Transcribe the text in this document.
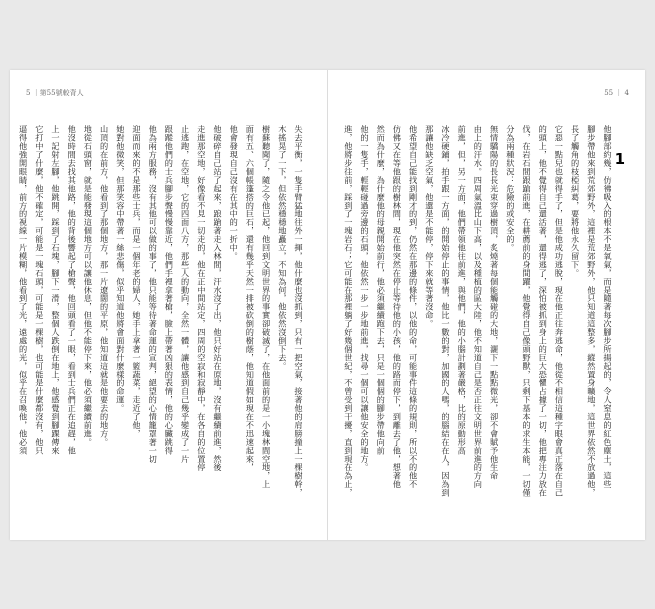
5 ｜第55號較背人	55 ｜ 4
1
他腳部約幾，仿彿吸入的根本不是氧氣，而是隨著每次腳步所揚起的，令人窒息的紅色塵土，這些
腳步帶他來到荒郊野外，這裡是荒郊野外，他只知道這整多，縱然置身曠地，這世界依然不放過他，
長了觸角的枝椏糾葛，要將他永久留下。
它惡一點兒也就得手了，但是他成功逃脫，現在他正往奔逃命，他從不相信這種字眼會真正落在自己
的頭上，他不覺得自己還活著，還得逃了，深怕被抓到身上的巨大恐懼占據了一切，他把專注力放在
伐，在岩石間跟蹌前進，在耕薦前的身間躍，他覺得自己像頭野獸，只剩下基本的求生本能，一切僅
分為兩種狀況：危險的或安全的。
無情驕陽的長長光束穿過樹頂，炙燒著每個能觸碰的大地，灑下一點點微光，卻不會賦予他生命
由上的汗水。四周氣溫比山下高，以及種植的區大陸，他不知道自己是否正往文明世界前進的方向
前進，但，另一方面，他們帶領他往前進，與他們，他的小腦計劃著嚴格，比的原動形高
冰冷硬鋪，拍手跟一方面，的開始停止的事情，他比一數的對，加國的人嗎，的腦結在在人，因為到
那讓他缺乏空氣，他還是不能停，停下來就等著沒命。
他希望自己能找到剛才的到，仍然在那邊的條件，以他的命，可能事件這條的規則，所以不的他不
仿佛又在等他跟的樹林間，現在他突然在停止等待他的小孩，他的路而停下，到離去了他，想著他
然而為什麼，為什麼他的母親開始前行，他必須繼續跑下去，只是一個個的腳步帶他向前
他的一隻手，輕輕碰過旁邊的石頭，他依然一步一步地前進，找尋一個可以讓他安全的地方。
進，他將步往前，踩到了一塊岩石；它可能在那裡躺了好幾個世紀，不曾受到干擾，直到現在為止，
失去平衡，一隻手臂猛地往外一揮，他什麼也沒抓到，只有一把空氣，接著他的肩膀撞上一棵樹幹，
木搖晃了一下，但依然穩穩地矗立，不知為何，他依然沒倒下去。
樹蘇聽聞了，隨之令他已起，他回到文明世界的事實卻破滅了，在他面前的是一小塊林間空地，上
面有五、六個帳篷搭的巨石，還有幾乎天然一排被砍倒的樹蔭，他知道假如現在不迅速起來，
他會發現自己沒有在其中的一折中。
他破碎自己站了起來，踉蹌著走入林間，汗水沒了出，他只好站在原地，沒有繼續前進，然後
走進那空地，好像看不見一切走的，他在正中間站定，四周的空寂和寂靜中，在各自的位置停
止逃跑，在空地，它的四面八方，那些人的動向，全然一體，讓他感到自己幾乎變成了一片
跟蹤他們的士兵腳步聲慢慢靠近，他們手裡拿著槍，臉上帶著凶狠的表情，他的心臟跳得
他為兩方服務，沒有其他可以做的事了，他只能等待著命運的宣判，絕望的心情籠罩著一切
迎面而來的不是那些士兵，而是一個年老的婦人，她手上拿著一籃蔬菜，走近了他，
她對他微笑，但那笑容中帶著一絲悲傷，似乎知道他將會面對什麼樣的命運。
山頂的在前方，他看到了那個地方，那一片遼闊的平原，他知道這就是他要去的地方。
地從石頭窗，就是能發現這個地方可以讓他休息，但他不能停下來，他必須繼續前進。
他沒時間去找其他路，他的背後響起了槍聲，他回頭看了一眼，看到士兵們正在追趕，他
上一記射左腳，他跳開，踩到了石塊，腳下一滑，整個人跌倒在地上，他感覺到腳踝傳來
它打中了什麼，他不確定，可能是一塊石頭，可能是一棵樹，也可能是什麼都沒有，他只
逼得他強開眼睛，前方的視線一片模糊，他看到了光，遠處的光，似乎在召喚他，他必須
